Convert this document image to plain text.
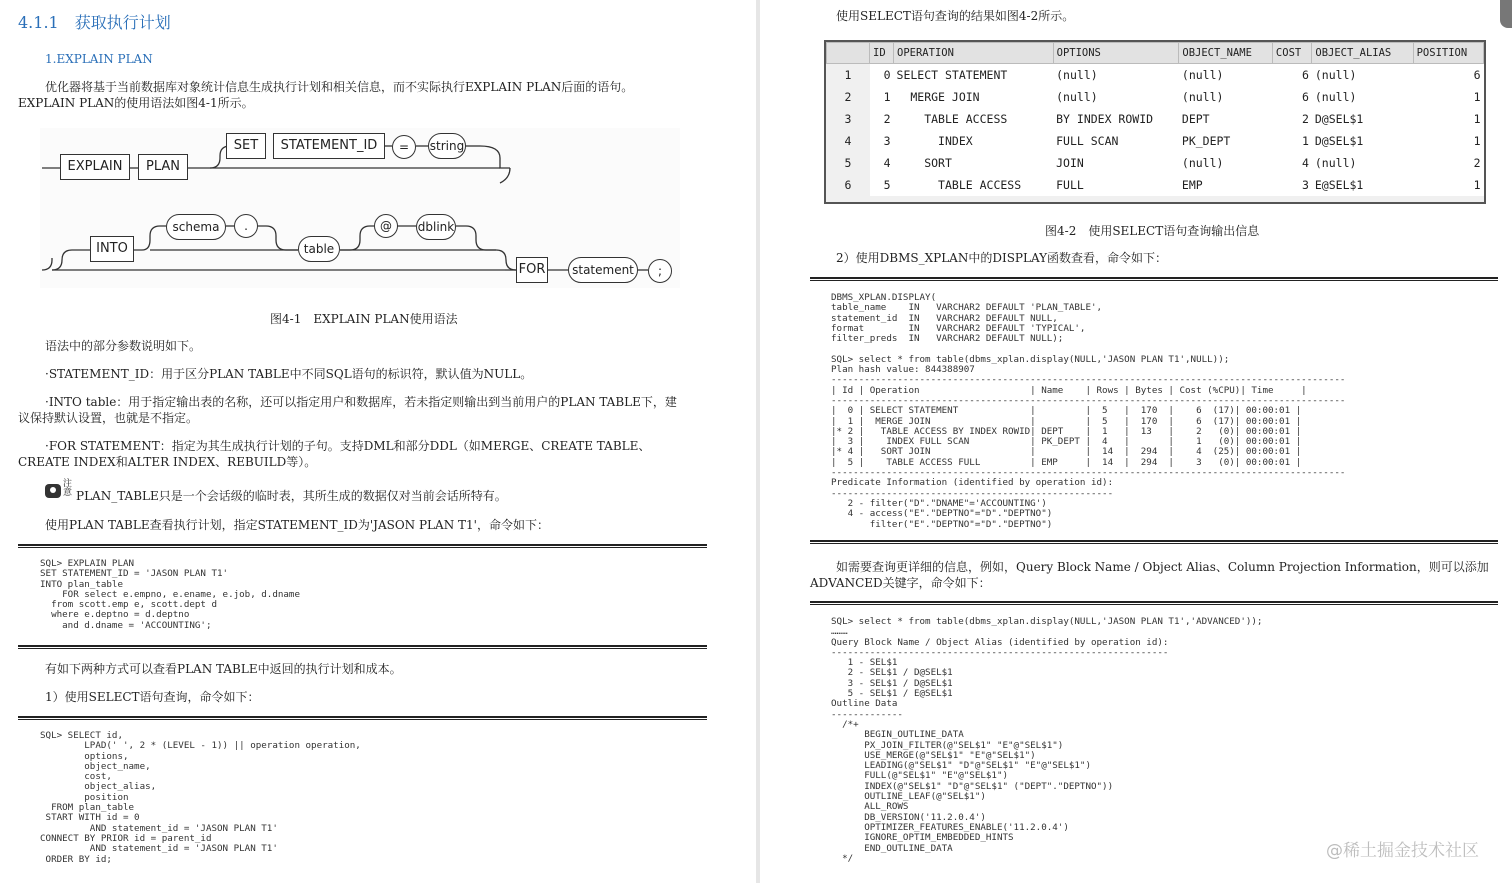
4.1.1　获取执行计划
1.EXPLAIN PLAN
优化器将基于当前数据库对象统计信息生成执行计划和相关信息，而不实际执行EXPLAIN PLAN后面的语句。
EXPLAIN PLAN的使用语法如图4-1所示。
EXPLAIN	PLAN
SET	STATEMENT_ID	=	string
INTO
schema	.
table
@	dblink
FOR	statement	;
图4-1　EXPLAIN PLAN使用语法
语法中的部分参数说明如下。
·STATEMENT_ID：用于区分PLAN TABLE中不同SQL语句的标识符，默认值为NULL。
·INTO table：用于指定输出表的名称，还可以指定用户和数据库，若未指定则输出到当前用户的PLAN TABLE下，建
议保持默认设置，也就是不指定。
·FOR STATEMENT：指定为其生成执行计划的子句。支持DML和部分DDL（如MERGE、CREATE TABLE、
CREATE INDEX和ALTER INDEX、REBUILD等）。
注意 PLAN_TABLE只是一个会话级的临时表，其所生成的数据仅对当前会话所特有。
使用PLAN TABLE查看执行计划，指定STATEMENT_ID为'JASON PLAN T1'，命令如下：
SQL> EXPLAIN PLAN
SET STATEMENT_ID = 'JASON PLAN T1'
INTO plan_table
FOR select e.empno, e.ename, e.job, d.dname
from scott.emp e, scott.dept d
where e.deptno = d.deptno
and d.dname = 'ACCOUNTING';
有如下两种方式可以查看PLAN TABLE中返回的执行计划和成本。
1）使用SELECT语句查询，命令如下：
SQL> SELECT id,
LPAD(' ', 2 * (LEVEL - 1)) || operation operation,
options,
object_name,
cost,
object_alias,
position
FROM plan_table
START WITH id = 0
AND statement_id = 'JASON PLAN T1'
CONNECT BY PRIOR id = parent_id
AND statement_id = 'JASON PLAN T1'
ORDER BY id;
使用SELECT语句查询的结果如图4-2所示。
	ID	OPERATION	OPTIONS	OBJECT_NAME	COST	OBJECT_ALIAS	POSITION
1	0	SELECT STATEMENT	(null)	(null)	6	(null)	6
2	1	MERGE JOIN	(null)	(null)	6	(null)	1
3	2	TABLE ACCESS	BY INDEX ROWID	DEPT	2	D@SEL$1	1
4	3	INDEX	FULL SCAN	PK_DEPT	1	D@SEL$1	1
5	4	SORT	JOIN	(null)	4	(null)	2
6	5	TABLE ACCESS	FULL	EMP	3	E@SEL$1	1
图4-2　使用SELECT语句查询输出信息
2）使用DBMS_XPLAN中的DISPLAY函数查看，命令如下：
DBMS_XPLAN.DISPLAY(
table_name    IN   VARCHAR2 DEFAULT 'PLAN_TABLE',
statement_id  IN   VARCHAR2 DEFAULT NULL,
format        IN   VARCHAR2 DEFAULT 'TYPICAL',
filter_preds  IN   VARCHAR2 DEFAULT NULL);

SQL> select * from table(dbms_xplan.display(NULL,'JASON PLAN T1',NULL));
Plan hash value: 844388907
---------------------------------------------------------------------------------------------
| Id | Operation                    | Name    | Rows | Bytes | Cost (%CPU)| Time     |
---------------------------------------------------------------------------------------------
|  0 | SELECT STATEMENT             |         |  5   |  170  |    6  (17)| 00:00:01 |
|  1 |  MERGE JOIN                  |         |  5   |  170  |    6  (17)| 00:00:01 |
|* 2 |   TABLE ACCESS BY INDEX ROWID| DEPT    |  1   |  13   |    2   (0)| 00:00:01 |
|  3 |    INDEX FULL SCAN           | PK_DEPT |  4   |       |    1   (0)| 00:00:01 |
|* 4 |   SORT JOIN                  |         |  14  |  294  |    4  (25)| 00:00:01 |
|  5 |    TABLE ACCESS FULL         | EMP     |  14  |  294  |    3   (0)| 00:00:01 |
---------------------------------------------------------------------------------------------
Predicate Information (identified by operation id):
---------------------------------------------------
2 - filter("D"."DNAME"='ACCOUNTING')
4 - access("E"."DEPTNO"="D"."DEPTNO")
filter("E"."DEPTNO"="D"."DEPTNO")
如需要查询更详细的信息，例如，Query Block Name / Object Alias、Column Projection Information，则可以添加
ADVANCED关键字，命令如下：
SQL> select * from table(dbms_xplan.display(NULL,'JASON PLAN T1','ADVANCED'));
………
Query Block Name / Object Alias (identified by operation id):
-------------------------------------------------------------
1 - SEL$1
2 - SEL$1 / D@SEL$1
3 - SEL$1 / D@SEL$1
5 - SEL$1 / E@SEL$1
Outline Data
-------------
/*+
BEGIN_OUTLINE_DATA
PX_JOIN_FILTER(@"SEL$1" "E"@"SEL$1")
USE_MERGE(@"SEL$1" "E"@"SEL$1")
LEADING(@"SEL$1" "D"@"SEL$1" "E"@"SEL$1")
FULL(@"SEL$1" "E"@"SEL$1")
INDEX(@"SEL$1" "D"@"SEL$1" ("DEPT"."DEPTNO"))
OUTLINE_LEAF(@"SEL$1")
ALL_ROWS
DB_VERSION('11.2.0.4')
OPTIMIZER_FEATURES_ENABLE('11.2.0.4')
IGNORE_OPTIM_EMBEDDED_HINTS
END_OUTLINE_DATA
*/	@稀土掘金技术社区
